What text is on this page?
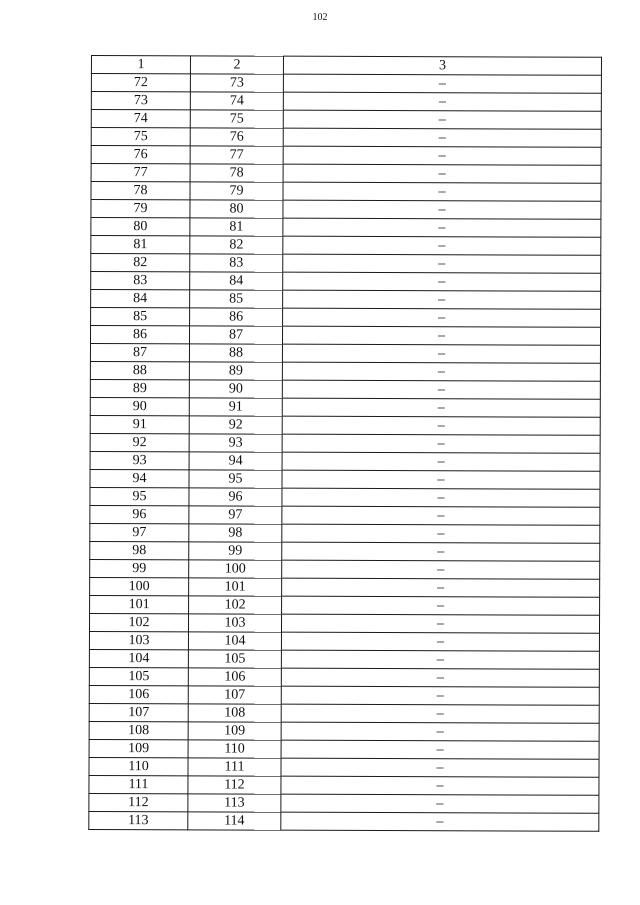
102
1	2	3
72	73	–
73	74	–
74	75	–
75	76	–
76	77	–
77	78	–
78	79	–
79	80	–
80	81	–
81	82	–
82	83	–
83	84	–
84	85	–
85	86	–
86	87	–
87	88	–
88	89	–
89	90	–
90	91	–
91	92	–
92	93	–
93	94	–
94	95	–
95	96	–
96	97	–
97	98	–
98	99	–
99	100	–
100	101	–
101	102	–
102	103	–
103	104	–
104	105	–
105	106	–
106	107	–
107	108	–
108	109	–
109	110	–
110	111	–
111	112	–
112	113	–
113	114	–
